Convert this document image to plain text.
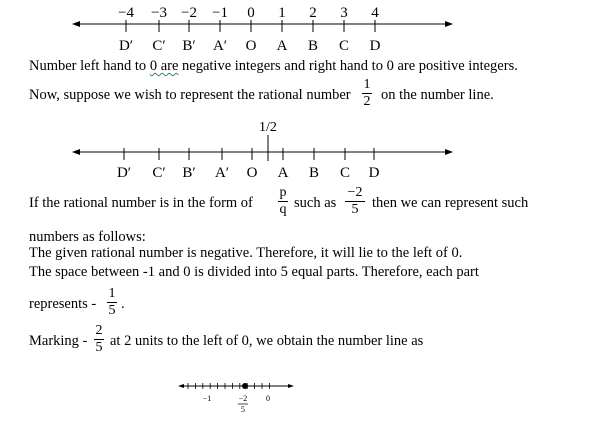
−4 −3 −2 −1 0 1 2 3 4
D′ C′ B′ A′ O A B C D
Number left hand to 0 are negative integers and right hand to 0 are positive integers.
Now, suppose we wish to represent the rational number
1
2 on the number line.
1/2
D′ C′ B′ A′ O A B C D
If the rational number is in the form of
p
q such as
−2
5 then we can represent such
numbers as follows:
The given rational number is negative. Therefore, it will lie to the left of 0.
The space between -1 and 0 is divided into 5 equal parts. Therefore, each part
represents -
1
5 .
Marking -
2
5 at 2 units to the left of 0, we obtain the number line as
−1	−2
5
0
